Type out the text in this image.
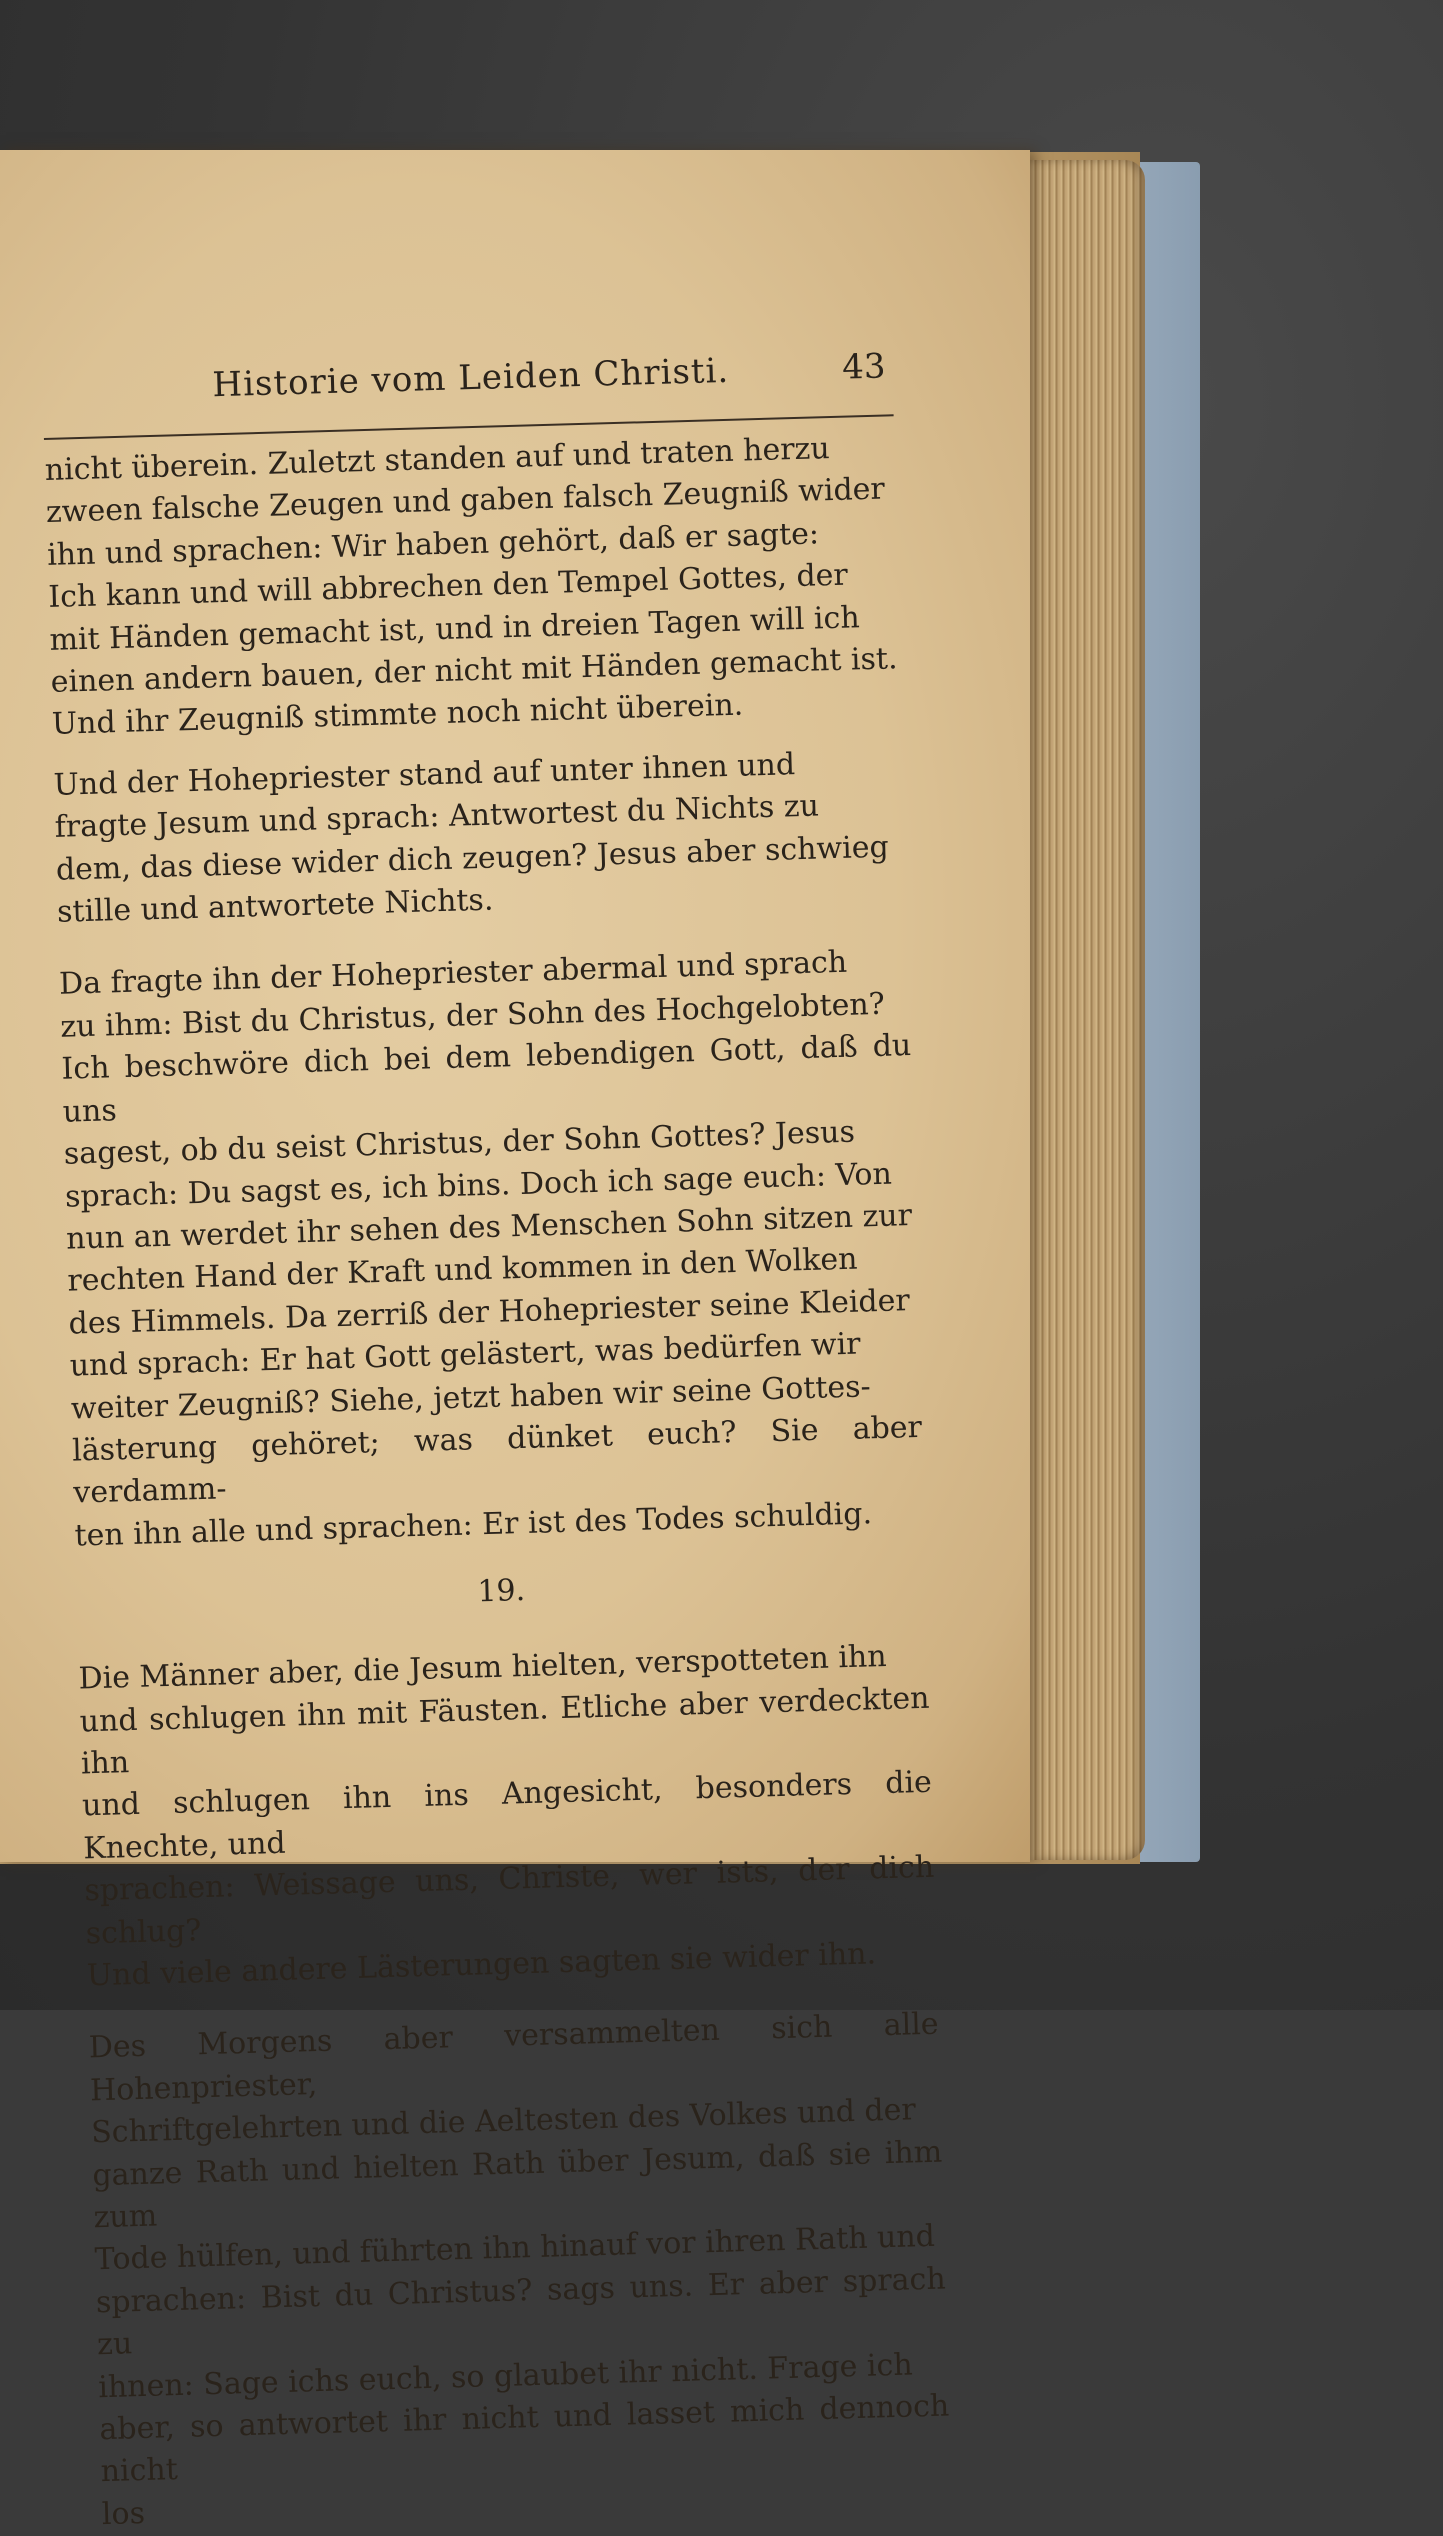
Historie vom Leiden Christi.	43

nicht überein. Zuletzt standen auf und traten herzu
zween falsche Zeugen und gaben falsch Zeugniß wider
ihn und sprachen: Wir haben gehört, daß er sagte:
Ich kann und will abbrechen den Tempel Gottes, der
mit Händen gemacht ist, und in dreien Tagen will ich
einen andern bauen, der nicht mit Händen gemacht ist.
Und ihr Zeugniß stimmte noch nicht überein.

Und der Hohepriester stand auf unter ihnen und
fragte Jesum und sprach: Antwortest du Nichts zu
dem, das diese wider dich zeugen? Jesus aber schwieg
stille und antwortete Nichts.

Da fragte ihn der Hohepriester abermal und sprach
zu ihm: Bist du Christus, der Sohn des Hochgelobten?
Ich beschwöre dich bei dem lebendigen Gott, daß du uns
sagest, ob du seist Christus, der Sohn Gottes? Jesus
sprach: Du sagst es, ich bins. Doch ich sage euch: Von
nun an werdet ihr sehen des Menschen Sohn sitzen zur
rechten Hand der Kraft und kommen in den Wolken
des Himmels. Da zerriß der Hohepriester seine Kleider
und sprach: Er hat Gott gelästert, was bedürfen wir
weiter Zeugniß? Siehe, jetzt haben wir seine Gottes-
lästerung gehöret; was dünket euch? Sie aber verdamm-
ten ihn alle und sprachen: Er ist des Todes schuldig.

19.

Die Männer aber, die Jesum hielten, verspotteten ihn
und schlugen ihn mit Fäusten. Etliche aber verdeckten ihn
und schlugen ihn ins Angesicht, besonders die Knechte, und
sprachen: Weissage uns, Christe, wer ists, der dich schlug?
Und viele andere Lästerungen sagten sie wider ihn.

Des Morgens aber versammelten sich alle Hohenpriester,
Schriftgelehrten und die Aeltesten des Volkes und der
ganze Rath und hielten Rath über Jesum, daß sie ihm zum
Tode hülfen, und führten ihn hinauf vor ihren Rath und
sprachen: Bist du Christus? sags uns. Er aber sprach zu
ihnen: Sage ichs euch, so glaubet ihr nicht. Frage ich
aber, so antwortet ihr nicht und lasset mich dennoch nicht
los
